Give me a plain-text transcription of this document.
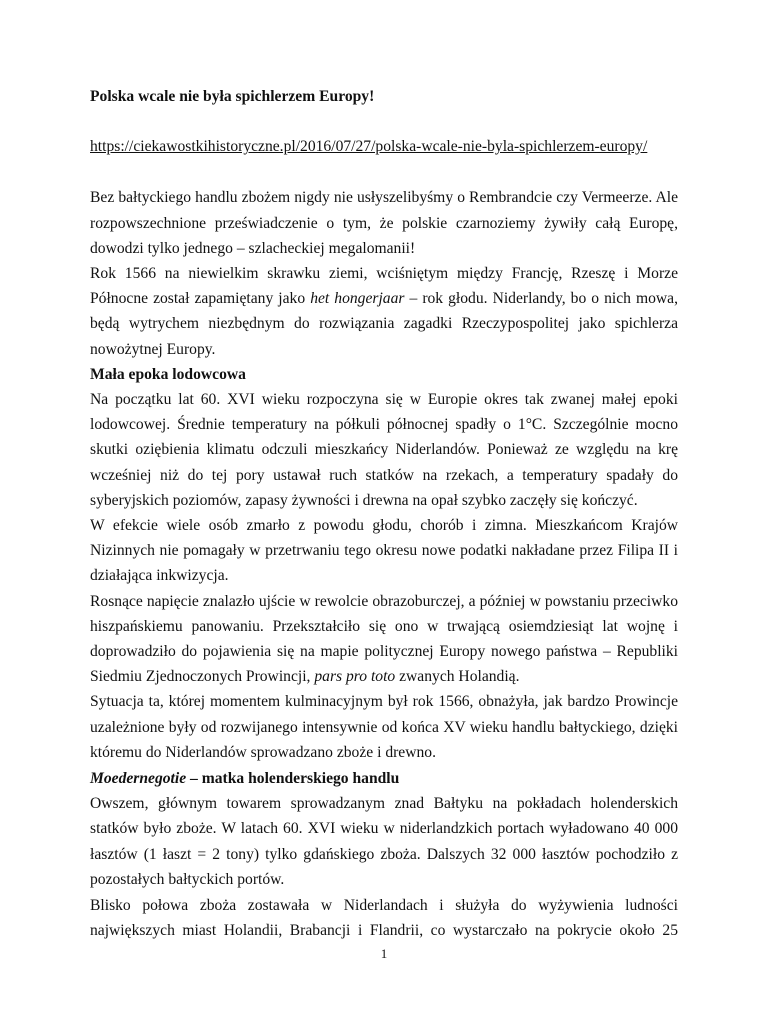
Polska wcale nie była spichlerzem Europy!

https://ciekawostkihistoryczne.pl/2016/07/27/polska-wcale-nie-byla-spichlerzem-europy/

Bez bałtyckiego handlu zbożem nigdy nie usłyszelibyśmy o Rembrandcie czy Vermeerze. Ale rozpowszechnione przeświadczenie o tym, że polskie czarnoziemy żywiły całą Europę, dowodzi tylko jednego – szlacheckiej megalomanii!

Rok 1566 na niewielkim skrawku ziemi, wciśniętym między Francję, Rzeszę i Morze Północne został zapamiętany jako het hongerjaar – rok głodu. Niderlandy, bo o nich mowa, będą wytrychem niezbędnym do rozwiązania zagadki Rzeczypospolitej jako spichlerza nowożytnej Europy.

Mała epoka lodowcowa

Na początku lat 60. XVI wieku rozpoczyna się w Europie okres tak zwanej małej epoki lodowcowej. Średnie temperatury na półkuli północnej spadły o 1°C. Szczególnie mocno skutki oziębienia klimatu odczuli mieszkańcy Niderlandów. Ponieważ ze względu na krę wcześniej niż do tej pory ustawał ruch statków na rzekach, a temperatury spadały do syberyjskich poziomów, zapasy żywności i drewna na opał szybko zaczęły się kończyć.

W efekcie wiele osób zmarło z powodu głodu, chorób i zimna. Mieszkańcom Krajów Nizinnych nie pomagały w przetrwaniu tego okresu nowe podatki nakładane przez Filipa II i działająca inkwizycja.

Rosnące napięcie znalazło ujście w rewolcie obrazoburczej, a później w powstaniu przeciwko hiszpańskiemu panowaniu. Przekształciło się ono w trwającą osiemdziesiąt lat wojnę i doprowadziło do pojawienia się na mapie politycznej Europy nowego państwa – Republiki Siedmiu Zjednoczonych Prowincji, pars pro toto zwanych Holandią.

Sytuacja ta, której momentem kulminacyjnym był rok 1566, obnażyła, jak bardzo Prowincje uzależnione były od rozwijanego intensywnie od końca XV wieku handlu bałtyckiego, dzięki któremu do Niderlandów sprowadzano zboże i drewno.

Moedernegotie – matka holenderskiego handlu

Owszem, głównym towarem sprowadzanym znad Bałtyku na pokładach holenderskich statków było zboże. W latach 60. XVI wieku w niderlandzkich portach wyładowano 40 000 łasztów (1 łaszt = 2 tony) tylko gdańskiego zboża. Dalszych 32 000 łasztów pochodziło z pozostałych bałtyckich portów.

Blisko połowa zboża zostawała w Niderlandach i służyła do wyżywienia ludności największych miast Holandii, Brabancji i Flandrii, co wystarczało na pokrycie około 25

1
